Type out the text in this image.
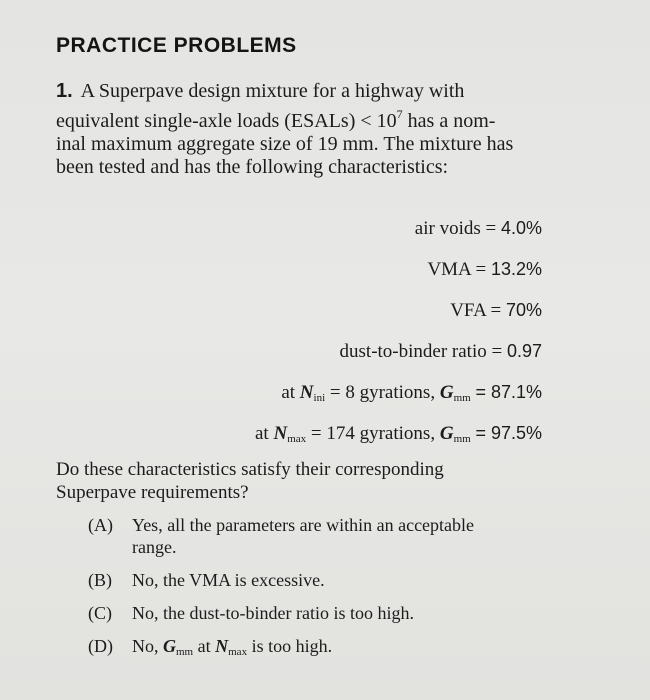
PRACTICE PROBLEMS
1. A Superpave design mixture for a highway with
equivalent single-axle loads (ESALs) < $10^7$ has a nom-
inal maximum aggregate size of 19 mm. The mixture has
been tested and has the following characteristics:
air voids = 4.0%
VMA = 13.2%
VFA = 70%
dust-to-binder ratio = 0.97
at $N_{ini} = 8$ gyrations, $G_{mm} = 87.1\%$
at $N_{max} = 174$ gyrations, $G_{mm} = 97.5\%$
Do these characteristics satisfy their corresponding
Superpave requirements?
(A)	Yes, all the parameters are within an acceptable
range.
(B)	No, the VMA is excessive.
(C)	No, the dust-to-binder ratio is too high.
(D)	No, $G_{mm}$ at $N_{max}$ is too high.
